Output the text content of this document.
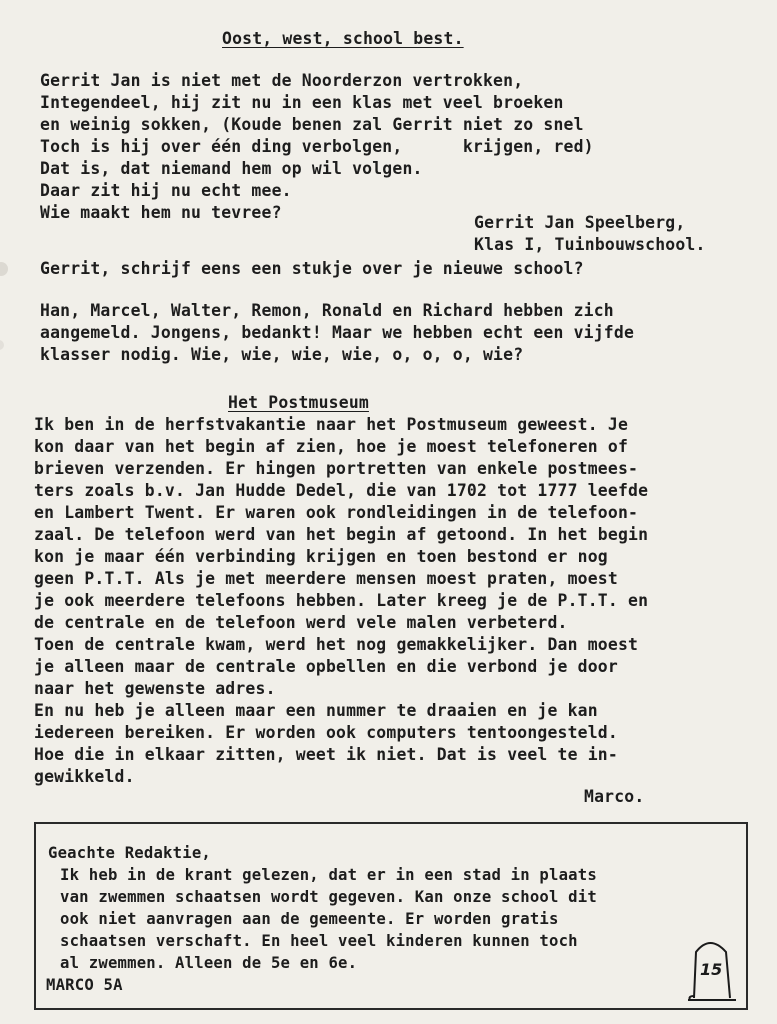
Oost, west, school best.
Gerrit Jan is niet met de Noorderzon vertrokken,
Integendeel, hij zit nu in een klas met veel broeken
en weinig sokken, (Koude benen zal Gerrit niet zo snel
Toch is hij over één ding verbolgen,      krijgen, red)
Dat is, dat niemand hem op wil volgen.
Daar zit hij nu echt mee.
Wie maakt hem nu tevree?
Gerrit Jan Speelberg,
Klas I, Tuinbouwschool.
Gerrit, schrijf eens een stukje over je nieuwe school?
Han, Marcel, Walter, Remon, Ronald en Richard hebben zich
aangemeld. Jongens, bedankt! Maar we hebben echt een vijfde
klasser nodig. Wie, wie, wie, wie, o, o, o, wie?
Het Postmuseum
Ik ben in de herfstvakantie naar het Postmuseum geweest. Je
kon daar van het begin af zien, hoe je moest telefoneren of
brieven verzenden. Er hingen portretten van enkele postmees-
ters zoals b.v. Jan Hudde Dedel, die van 1702 tot 1777 leefde
en Lambert Twent. Er waren ook rondleidingen in de telefoon-
zaal. De telefoon werd van het begin af getoond. In het begin
kon je maar één verbinding krijgen en toen bestond er nog
geen P.T.T. Als je met meerdere mensen moest praten, moest
je ook meerdere telefoons hebben. Later kreeg je de P.T.T. en
de centrale en de telefoon werd vele malen verbeterd.
Toen de centrale kwam, werd het nog gemakkelijker. Dan moest
je alleen maar de centrale opbellen en die verbond je door
naar het gewenste adres.
En nu heb je alleen maar een nummer te draaien en je kan
iedereen bereiken. Er worden ook computers tentoongesteld.
Hoe die in elkaar zitten, weet ik niet. Dat is veel te in-
gewikkeld.
Marco.
Geachte Redaktie,
Ik heb in de krant gelezen, dat er in een stad in plaats
van zwemmen schaatsen wordt gegeven. Kan onze school dit
ook niet aanvragen aan de gemeente. Er worden gratis
schaatsen verschaft. En heel veel kinderen kunnen toch
al zwemmen. Alleen de 5e en 6e.
MARCO 5A
15
